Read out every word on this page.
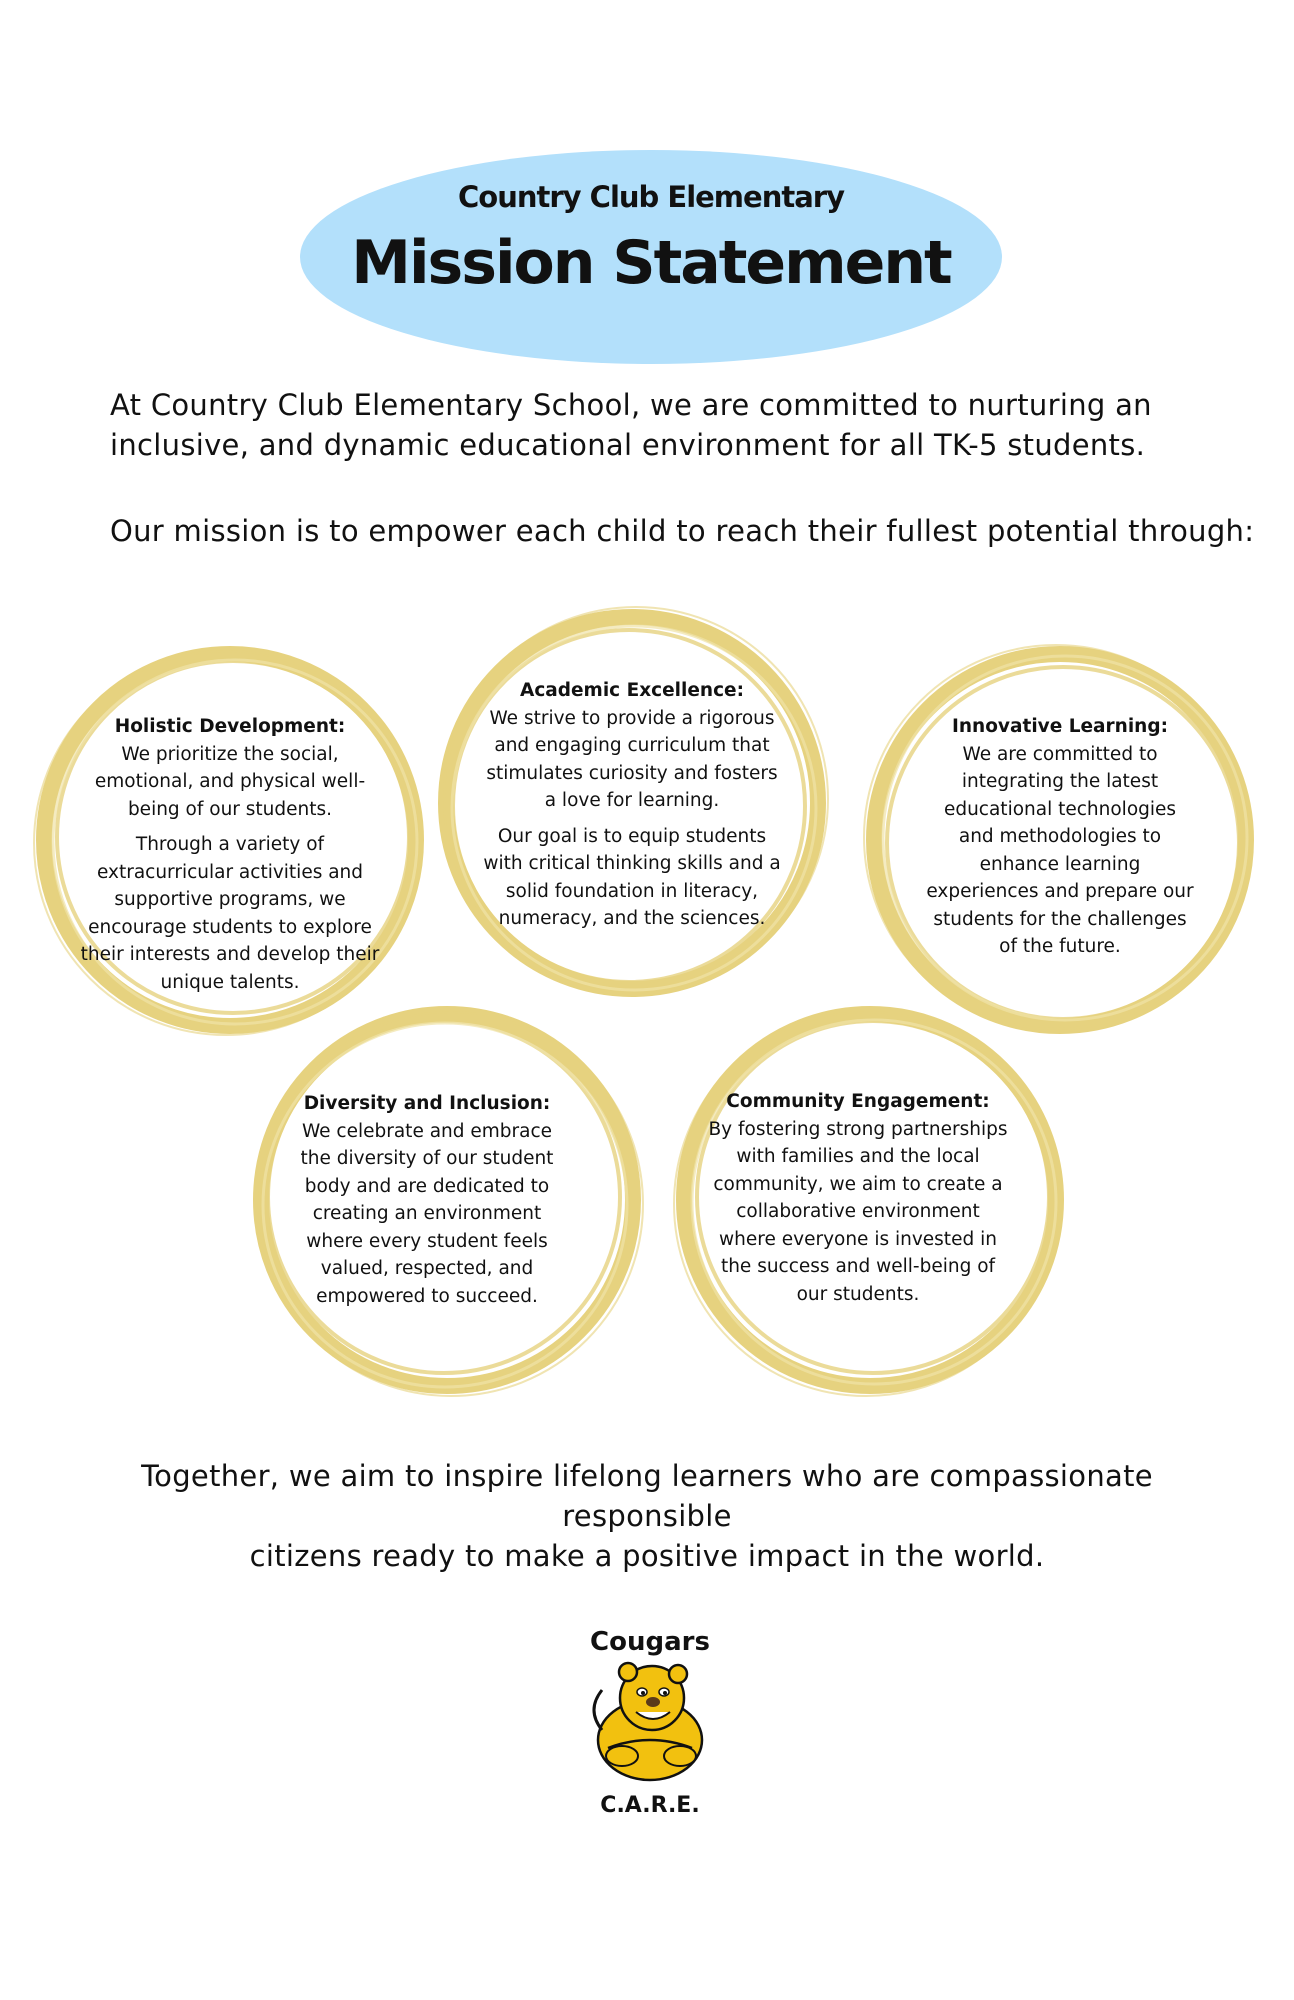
Country Club Elementary
Mission Statement
At Country Club Elementary School, we are committed to nurturing an
inclusive, and dynamic educational environment for all TK-5 students.
Our mission is to empower each child to reach their fullest potential through:
Holistic Development:
We prioritize the social, emotional, and physical well-being of our students.
Through a variety of extracurricular activities and supportive programs, we encourage students to explore their interests and develop their unique talents.
Academic Excellence:
We strive to provide a rigorous and engaging curriculum that stimulates curiosity and fosters a love for learning.
Our goal is to equip students with critical thinking skills and a solid foundation in literacy, numeracy, and the sciences.
Innovative Learning:
We are committed to integrating the latest educational technologies and methodologies to enhance learning experiences and prepare our students for the challenges of the future.
Diversity and Inclusion:
We celebrate and embrace the diversity of our student body and are dedicated to creating an environment where every student feels valued, respected, and empowered to succeed.
Community Engagement:
By fostering strong partnerships with families and the local community, we aim to create a collaborative environment where everyone is invested in the success and well-being of our students.
Together, we aim to inspire lifelong learners who are compassionate responsible
citizens ready to make a positive impact in the world.
Cougars
C.A.R.E.
